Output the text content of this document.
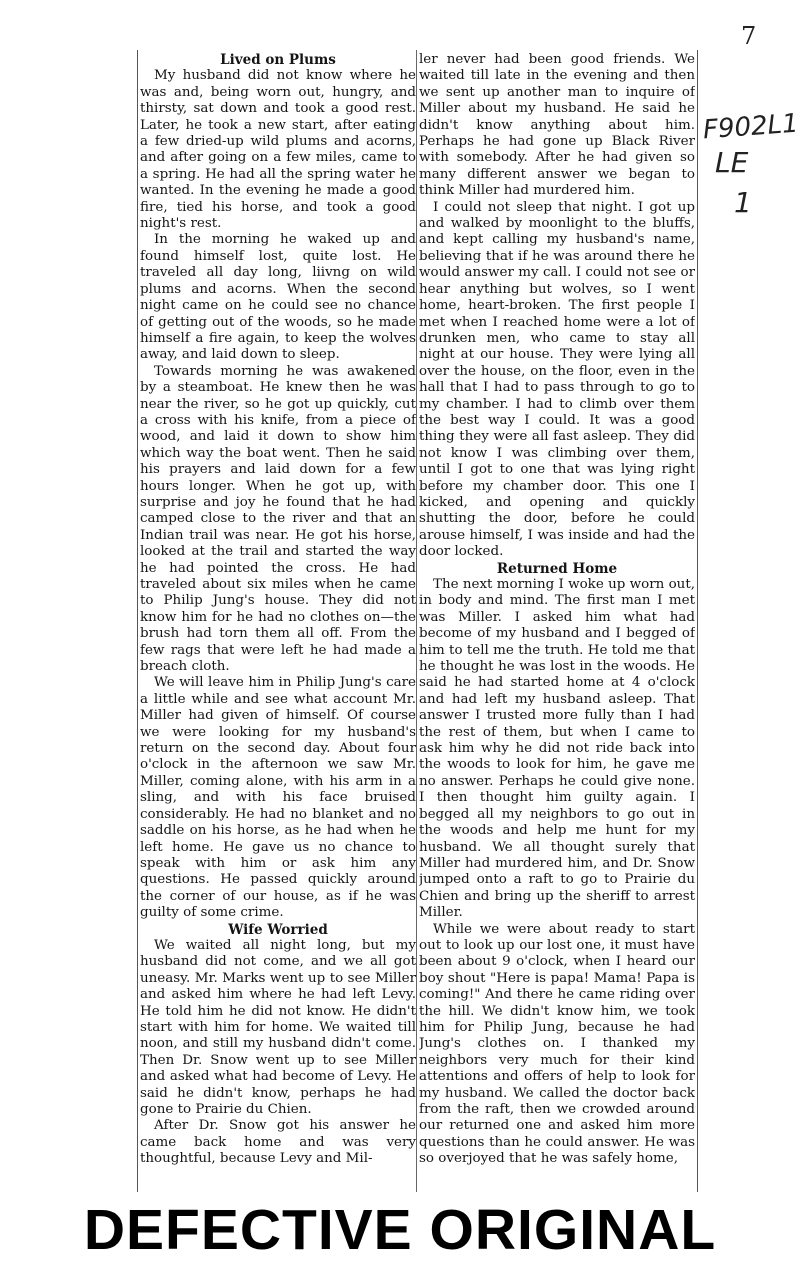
7
F902L1
LE
1
Lived on Plums

My husband did not know where he was and, being worn out, hungry, and thirsty, sat down and took a good rest. Later, he took a new start, after eating a few dried-up wild plums and acorns, and after going on a few miles, came to a spring. He had all the spring water he wanted. In the evening he made a good fire, tied his horse, and took a good night's rest.

In the morning he waked up and found himself lost, quite lost. He traveled all day long, liivng on wild plums and acorns. When the second night came on he could see no chance of getting out of the woods, so he made himself a fire again, to keep the wolves away, and laid down to sleep.

Towards morning he was awakened by a steamboat. He knew then he was near the river, so he got up quickly, cut a cross with his knife, from a piece of wood, and laid it down to show him which way the boat went. Then he said his prayers and laid down for a few hours longer. When he got up, with surprise and joy he found that he had camped close to the river and that an Indian trail was near. He got his horse, looked at the trail and started the way he had pointed the cross. He had traveled about six miles when he came to Philip Jung's house. They did not know him for he had no clothes on—the brush had torn them all off. From the few rags that were left he had made a breach cloth.

We will leave him in Philip Jung's care a little while and see what account Mr. Miller had given of himself. Of course we were looking for my husband's return on the second day. About four o'clock in the afternoon we saw Mr. Miller, coming alone, with his arm in a sling, and with his face bruised considerably. He had no blanket and no saddle on his horse, as he had when he left home. He gave us no chance to speak with him or ask him any questions. He passed quickly around the corner of our house, as if he was guilty of some crime.

Wife Worried

We waited all night long, but my husband did not come, and we all got uneasy. Mr. Marks went up to see Miller and asked him where he had left Levy. He told him he did not know. He didn't start with him for home. We waited till noon, and still my husband didn't come. Then Dr. Snow went up to see Miller and asked what had become of Levy. He said he didn't know, perhaps he had gone to Prairie du Chien.

After Dr. Snow got his answer he came back home and was very thoughtful, because Levy and Mil-

ler never had been good friends. We waited till late in the evening and then we sent up another man to inquire of Miller about my husband. He said he didn't know anything about him. Perhaps he had gone up Black River with somebody. After he had given so many different answer we began to think Miller had murdered him.

I could not sleep that night. I got up and walked by moonlight to the bluffs, and kept calling my husband's name, believing that if he was around there he would answer my call. I could not see or hear anything but wolves, so I went home, heart-broken. The first people I met when I reached home were a lot of drunken men, who came to stay all night at our house. They were lying all over the house, on the floor, even in the hall that I had to pass through to go to my chamber. I had to climb over them the best way I could. It was a good thing they were all fast asleep. They did not know I was climbing over them, until I got to one that was lying right before my chamber door. This one I kicked, and opening and quickly shutting the door, before he could arouse himself, I was inside and had the door locked.

Returned Home

The next morning I woke up worn out, in body and mind. The first man I met was Miller. I asked him what had become of my husband and I begged of him to tell me the truth. He told me that he thought he was lost in the woods. He said he had started home at 4 o'clock and had left my husband asleep. That answer I trusted more fully than I had the rest of them, but when I came to ask him why he did not ride back into the woods to look for him, he gave me no answer. Perhaps he could give none. I then thought him guilty again. I begged all my neighbors to go out in the woods and help me hunt for my husband. We all thought surely that Miller had murdered him, and Dr. Snow jumped onto a raft to go to Prairie du Chien and bring up the sheriff to arrest Miller.

While we were about ready to start out to look up our lost one, it must have been about 9 o'clock, when I heard our boy shout "Here is papa! Mama! Papa is coming!" And there he came riding over the hill. We didn't know him, we took him for Philip Jung, because he had Jung's clothes on. I thanked my neighbors very much for their kind attentions and offers of help to look for my husband. We called the doctor back from the raft, then we crowded around our returned one and asked him more questions than he could answer. He was so overjoyed that he was safely home,

DEFECTIVE ORIGINAL
